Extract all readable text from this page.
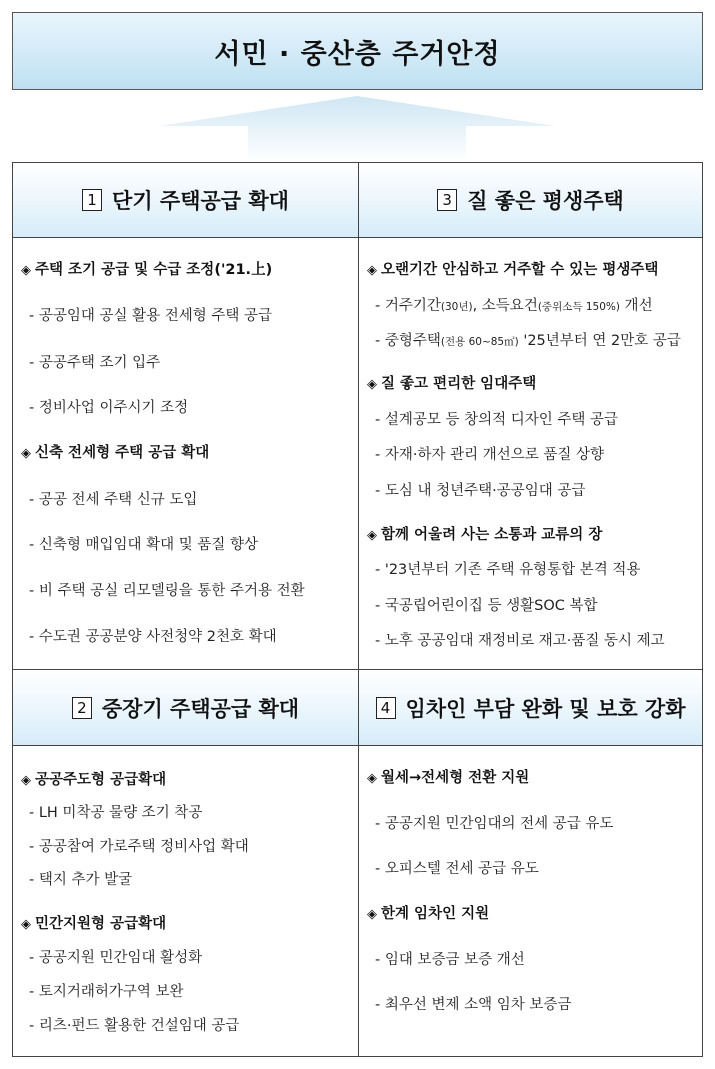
서민 · 중산층 주거안정
1 단기 주택공급 확대
◈ 주택 조기 공급 및 수급 조정('21.上)
- 공공임대 공실 활용 전세형 주택 공급
- 공공주택 조기 입주
- 정비사업 이주시기 조정
◈ 신축 전세형 주택 공급 확대
- 공공 전세 주택 신규 도입
- 신축형 매입임대 확대 및 품질 향상
- 비 주택 공실 리모델링을 통한 주거용 전환
- 수도권 공공분양 사전청약 2천호 확대
3 질 좋은 평생주택
◈ 오랜기간 안심하고 거주할 수 있는 평생주택
- 거주기간(30년), 소득요건(중위소득 150%) 개선
- 중형주택(전용 60~85㎡) '25년부터 연 2만호 공급
◈ 질 좋고 편리한 임대주택
- 설계공모 등 창의적 디자인 주택 공급
- 자재·하자 관리 개선으로 품질 상향
- 도심 내 청년주택·공공임대 공급
◈ 함께 어울려 사는 소통과 교류의 장
- '23년부터 기존 주택 유형통합 본격 적용
- 국공립어린이집 등 생활SOC 복합
- 노후 공공임대 재정비로 재고·품질 동시 제고
2 중장기 주택공급 확대
◈ 공공주도형 공급확대
- LH 미착공 물량 조기 착공
- 공공참여 가로주택 정비사업 확대
- 택지 추가 발굴
◈ 민간지원형 공급확대
- 공공지원 민간임대 활성화
- 토지거래허가구역 보완
- 리츠·펀드 활용한 건설임대 공급
4 임차인 부담 완화 및 보호 강화
◈ 월세→전세형 전환 지원
- 공공지원 민간임대의 전세 공급 유도
- 오피스텔 전세 공급 유도
◈ 한계 임차인 지원
- 임대 보증금 보증 개선
- 최우선 변제 소액 임차 보증금
